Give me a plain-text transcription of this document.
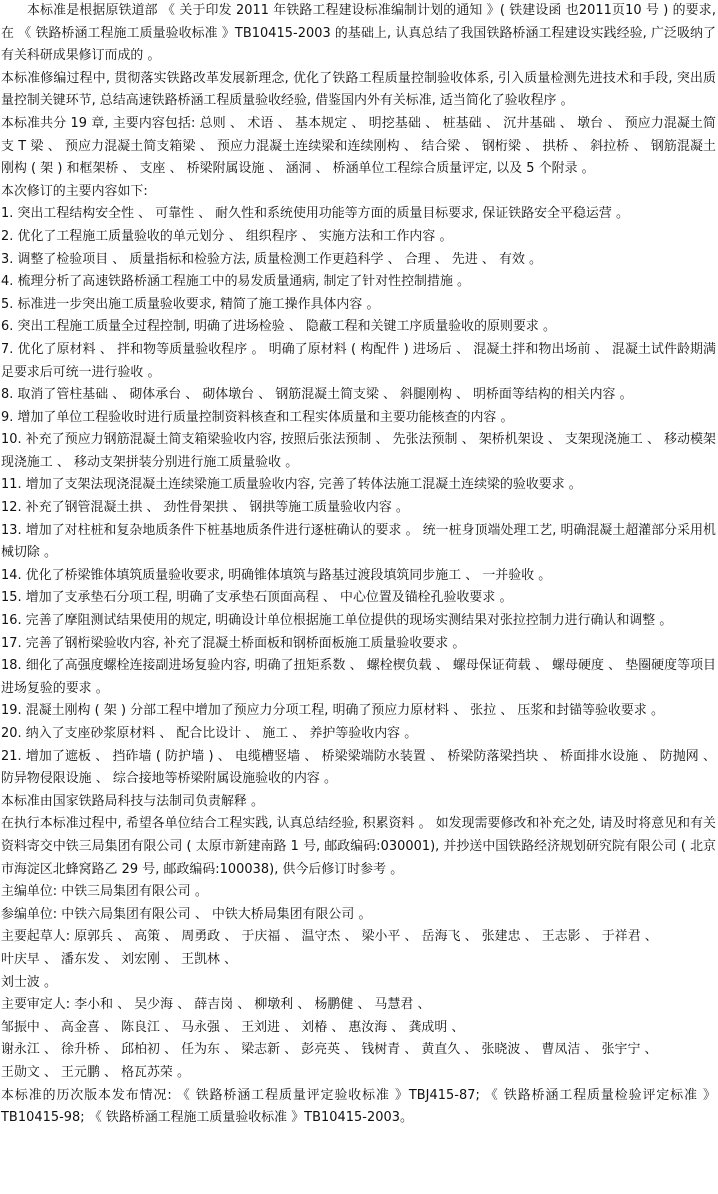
本标准是根据原铁道部 《 关于印发 2011 年铁路工程建设标准编制计划的通知 》( 铁建设函 也2011页10 号 ) 的要求, 在 《 铁路桥涵工程施工质量验收标准 》TB10415-2003 的基础上, 认真总结了我国铁路桥涵工程建设实践经验, 广泛吸纳了有关科研成果修订而成的 。

本标准修编过程中, 贯彻落实铁路改革发展新理念, 优化了铁路工程质量控制验收体系, 引入质量检测先进技术和手段, 突出质量控制关键环节, 总结高速铁路桥涵工程质量验收经验, 借鉴国内外有关标准, 适当简化了验收程序 。

本标准共分 19 章, 主要内容包括: 总则 、 术语 、 基本规定 、 明挖基础 、 桩基础 、 沉井基础 、 墩台 、 预应力混凝土简支 T 梁 、 预应力混凝土简支箱梁 、 预应力混凝土连续梁和连续刚构 、 结合梁 、 钢桁梁 、 拱桥 、 斜拉桥 、 钢筋混凝土刚构 ( 架 ) 和框架桥 、 支座 、 桥梁附属设施 、 涵洞 、 桥涵单位工程综合质量评定, 以及 5 个附录 。

本次修订的主要内容如下:

1. 突出工程结构安全性 、 可靠性 、 耐久性和系统使用功能等方面的质量目标要求, 保证铁路安全平稳运营 。

2. 优化了工程施工质量验收的单元划分 、 组织程序 、 实施方法和工作内容 。

3. 调整了检验项目 、 质量指标和检验方法, 质量检测工作更趋科学 、 合理 、 先进 、 有效 。

4. 梳理分析了高速铁路桥涵工程施工中的易发质量通病, 制定了针对性控制措施 。

5. 标准进一步突出施工质量验收要求, 精简了施工操作具体内容 。

6. 突出工程施工质量全过程控制, 明确了进场检验 、 隐蔽工程和关键工序质量验收的原则要求 。

7. 优化了原材料 、 拌和物等质量验收程序 。 明确了原材料 ( 构配件 ) 进场后 、 混凝土拌和物出场前 、 混凝土试件龄期满足要求后可统一进行验收 。

8. 取消了管柱基础 、 砌体承台 、 砌体墩台 、 钢筋混凝土简支梁 、 斜腿刚构 、 明桥面等结构的相关内容 。

9. 增加了单位工程验收时进行质量控制资料核查和工程实体质量和主要功能核查的内容 。

10. 补充了预应力钢筋混凝土简支箱梁验收内容, 按照后张法预制 、 先张法预制 、 架桥机架设 、 支架现浇施工 、 移动模架现浇施工 、 移动支架拼装分别进行施工质量验收 。

11. 增加了支架法现浇混凝土连续梁施工质量验收内容, 完善了转体法施工混凝土连续梁的验收要求 。

12. 补充了钢管混凝土拱 、 劲性骨架拱 、 钢拱等施工质量验收内容 。

13. 增加了对柱桩和复杂地质条件下桩基地质条件进行逐桩确认的要求 。 统一桩身顶端处理工艺, 明确混凝土超灌部分采用机械切除 。

14. 优化了桥梁锥体填筑质量验收要求, 明确锥体填筑与路基过渡段填筑同步施工 、 一并验收 。

15. 增加了支承垫石分项工程, 明确了支承垫石顶面高程 、 中心位置及锚栓孔验收要求 。

16. 完善了摩阻测试结果使用的规定, 明确设计单位根据施工单位提供的现场实测结果对张拉控制力进行确认和调整 。

17. 完善了钢桁梁验收内容, 补充了混凝土桥面板和钢桥面板施工质量验收要求 。

18. 细化了高强度螺栓连接副进场复验内容, 明确了扭矩系数 、 螺栓楔负载 、 螺母保证荷载 、 螺母硬度 、 垫圈硬度等项目进场复验的要求 。

19. 混凝土刚构 ( 架 ) 分部工程中增加了预应力分项工程, 明确了预应力原材料 、 张拉 、 压浆和封锚等验收要求 。

20. 纳入了支座砂浆原材料 、 配合比设计 、 施工 、 养护等验收内容 。

21. 增加了遮板 、 挡砟墙 ( 防护墙 ) 、 电缆槽竖墙 、 桥梁梁端防水装置 、 桥梁防落梁挡块 、 桥面排水设施 、 防抛网 、 防异物侵限设施 、 综合接地等桥梁附属设施验收的内容 。

本标准由国家铁路局科技与法制司负责解释 。

在执行本标准过程中, 希望各单位结合工程实践, 认真总结经验, 积累资料 。 如发现需要修改和补充之处, 请及时将意见和有关资料寄交中铁三局集团有限公司 ( 太原市新建南路 1 号, 邮政编码:030001), 并抄送中国铁路经济规划研究院有限公司 ( 北京市海淀区北蜂窝路乙 29 号, 邮政编码:100038), 供今后修订时参考 。

主编单位: 中铁三局集团有限公司 。

参编单位: 中铁六局集团有限公司 、 中铁大桥局集团有限公司 。

主要起草人: 原郭兵 、 高策 、 周勇政 、 于庆福 、 温守杰 、 梁小平 、 岳海飞 、 张建忠 、 王志影 、 于祥君 、

叶庆早 、 潘东发 、 刘宏刚 、 王凯林 、

刘士波 。

主要审定人: 李小和 、 吴少海 、 薛吉岗 、 柳墩利 、 杨鹏健 、 马慧君 、

邹振中 、 高金喜 、 陈良江 、 马永强 、 王刘进 、 刘椿 、 惠汝海 、 龚成明 、

谢永江 、 徐升桥 、 邱柏初 、 任为东 、 梁志新 、 彭亮英 、 钱树青 、 黄直久 、 张晓波 、 曹凤洁 、 张宇宁 、

王勋文 、 王元鹏 、 格瓦苏荣 。

本标准的历次版本发布情况: 《 铁路桥涵工程质量评定验收标准 》TBJ415-87; 《 铁路桥涵工程质量检验评定标准 》TB10415-98; 《 铁路桥涵工程施工质量验收标准 》TB10415-2003。
